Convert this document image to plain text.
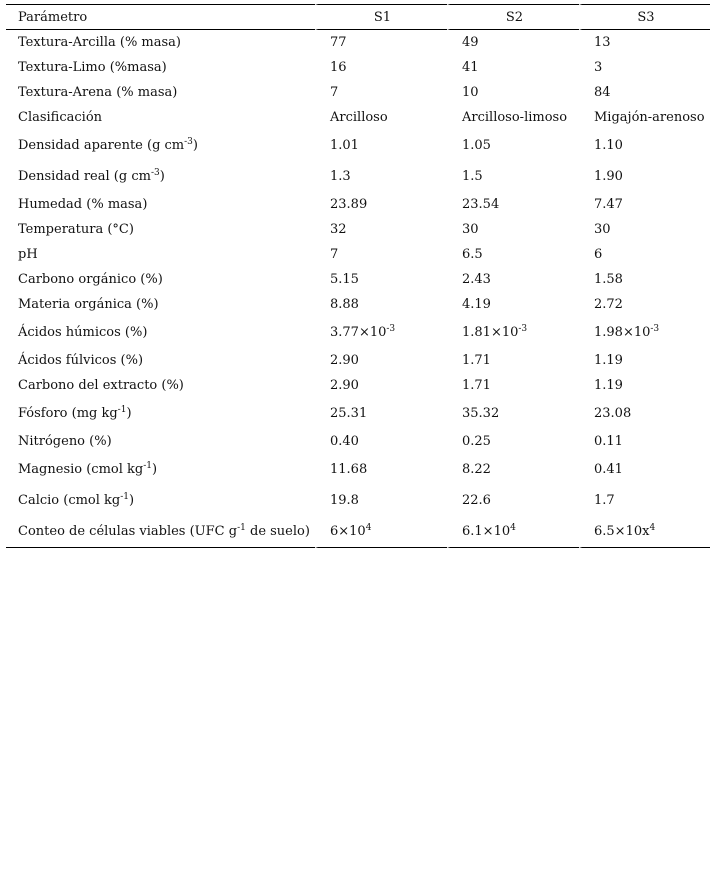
Parámetro	S1	S2	S3
Textura-Arcilla (% masa)	77	49	13
Textura-Limo (%masa)	16	41	3
Textura-Arena (% masa)	7	10	84
Clasificación	Arcilloso	Arcilloso-limoso	Migajón-arenoso
Densidad aparente (g $cm^{-3}$)	1.01	1.05	1.10
Densidad real (g $cm^{-3}$)	1.3	1.5	1.90
Humedad (% masa)	23.89	23.54	7.47
Temperatura (°C)	32	30	30
pH	7	6.5	6
Carbono orgánico (%)	5.15	2.43	1.58
Materia orgánica (%)	8.88	4.19	2.72
Ácidos húmicos (%)	$3.77\times 10^{-3}$	$1.81\times 10^{-3}$	$1.98\times 10^{-3}$
Ácidos fúlvicos (%)	2.90	1.71	1.19
Carbono del extracto (%)	2.90	1.71	1.19
Fósforo (mg $kg^{-1}$)	25.31	35.32	23.08
Nitrógeno (%)	0.40	0.25	0.11
Magnesio (cmol $kg^{-1}$)	11.68	8.22	0.41
Calcio (cmol $kg^{-1}$)	19.8	22.6	1.7
Conteo de células viables (UFC $g^{-1}$ de suelo)	$6\times 10^4$	$6.1\times 10^4$	$6.5\times 10x^4$
